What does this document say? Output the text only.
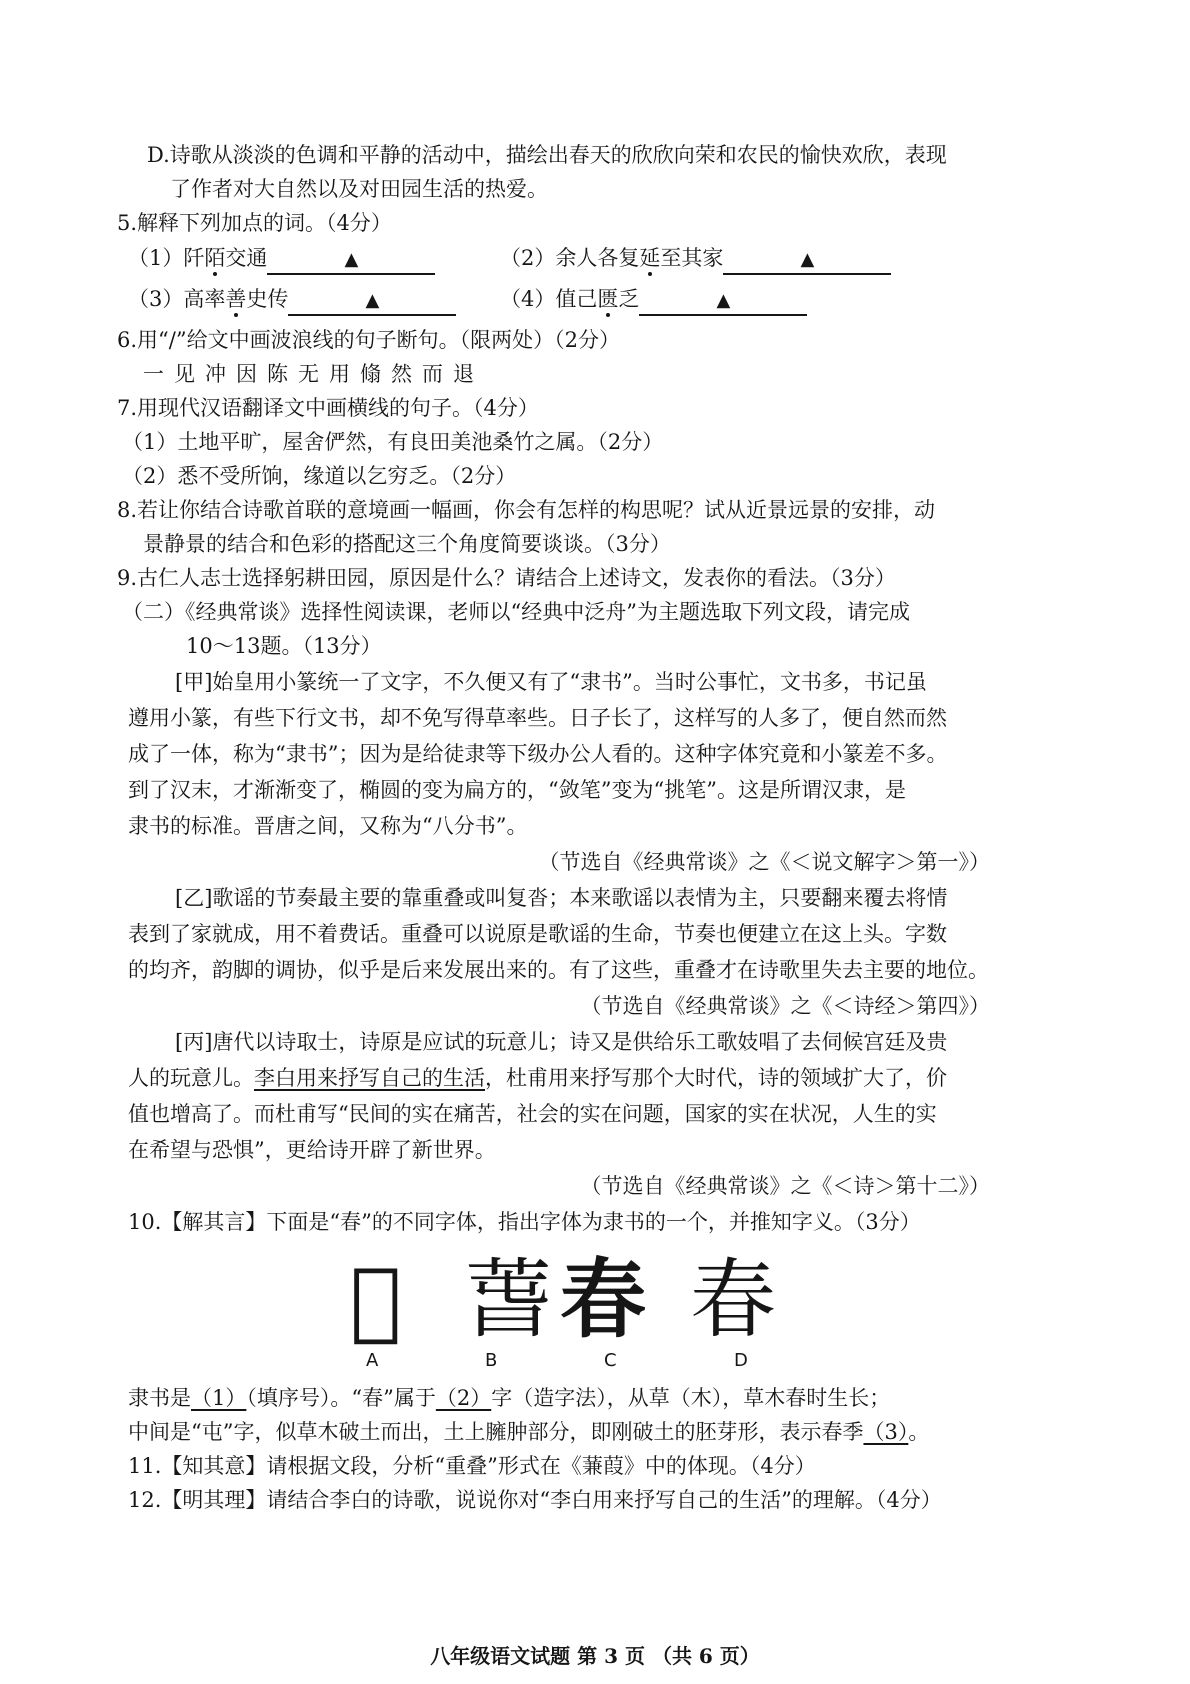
D.诗歌从淡淡的色调和平静的活动中，描绘出春天的欣欣向荣和农民的愉快欢欣，表现
了作者对大自然以及对田园生活的热爱。
5.解释下列加点的词。（4分）
（1）阡陌交通	▲	（2）余人各复延至其家	▲
（3）高率善史传	▲	（4）值己匮乏	▲
6.用“/”给文中画波浪线的句子断句。（限两处）（2分）
一见冲因陈无用翛然而退
7.用现代汉语翻译文中画横线的句子。（4分）
（1）土地平旷，屋舍俨然，有良田美池桑竹之属。（2分）
（2）悉不受所饷，缘道以乞穷乏。（2分）
8.若让你结合诗歌首联的意境画一幅画，你会有怎样的构思呢？试从近景远景的安排，动
景静景的结合和色彩的搭配这三个角度简要谈谈。（3分）
9.古仁人志士选择躬耕田园，原因是什么？请结合上述诗文，发表你的看法。（3分）
（二）《经典常谈》选择性阅读课，老师以“经典中泛舟”为主题选取下列文段，请完成
10～13题。（13分）
[甲]始皇用小篆统一了文字，不久便又有了“隶书”。当时公事忙，文书多，书记虽
遵用小篆，有些下行文书，却不免写得草率些。日子长了，这样写的人多了，便自然而然
成了一体，称为“隶书”；因为是给徒隶等下级办公人看的。这种字体究竟和小篆差不多。
到了汉末，才渐渐变了，椭圆的变为扁方的，“敛笔”变为“挑笔”。这是所谓汉隶，是
隶书的标准。晋唐之间，又称为“八分书”。
（节选自《经典常谈》之《＜说文解字＞第一》）
[乙]歌谣的节奏最主要的靠重叠或叫复沓；本来歌谣以表情为主，只要翻来覆去将情
表到了家就成，用不着费话。重叠可以说原是歌谣的生命，节奏也便建立在这上头。字数
的均齐，韵脚的调协，似乎是后来发展出来的。有了这些，重叠才在诗歌里失去主要的地位。
（节选自《经典常谈》之《＜诗经＞第四》）
[丙]唐代以诗取士，诗原是应试的玩意儿；诗又是供给乐工歌妓唱了去伺候宫廷及贵
人的玩意儿。李白用来抒写自己的生活，杜甫用来抒写那个大时代，诗的领域扩大了，价
值也增高了。而杜甫写“民间的实在痛苦，社会的实在问题，国家的实在状况，人生的实
在希望与恐惧”，更给诗开辟了新世界。
（节选自《经典常谈》之《＜诗＞第十二》）
10.【解其言】下面是“春”的不同字体，指出字体为隶书的一个，并推知字义。（3分）
𣆀 萅 春 春
A	B	C	D
隶书是（1）（填序号）。“春”属于（2）字（造字法），从草（木），草木春时生长；
中间是“屯”字，似草木破土而出，土上臃肿部分，即刚破土的胚芽形，表示春季（3）。
11.【知其意】请根据文段，分析“重叠”形式在《蒹葭》中的体现。（4分）
12.【明其理】请结合李白的诗歌，说说你对“李白用来抒写自己的生活”的理解。（4分）
八年级语文试题 第 3 页 （共 6 页）
